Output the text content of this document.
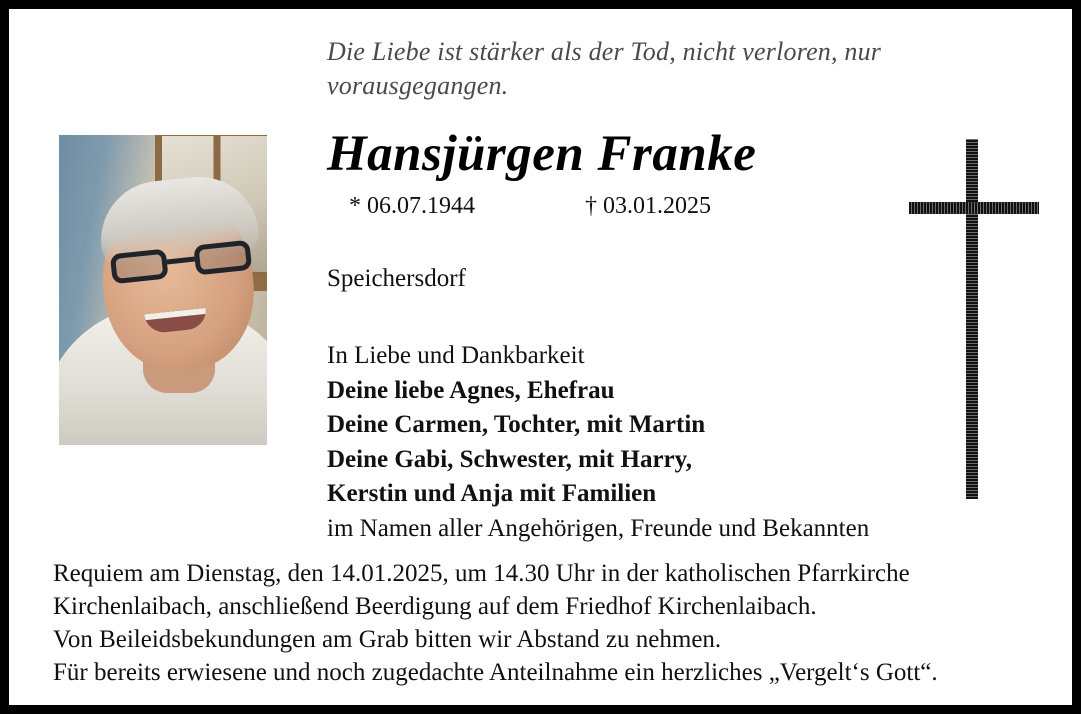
Die Liebe ist stärker als der Tod, nicht verloren, nur vorausgegangen.
Hansjürgen Franke
* 06.07.1944	† 03.01.2025
Speichersdorf
In Liebe und Dankbarkeit
Deine liebe Agnes, Ehefrau
Deine Carmen, Tochter, mit Martin
Deine Gabi, Schwester, mit Harry,
Kerstin und Anja mit Familien
im Namen aller Angehörigen, Freunde und Bekannten

Requiem am Dienstag, den 14.01.2025, um 14.30 Uhr in der katholischen Pfarrkirche

Kirchenlaibach, anschließend Beerdigung auf dem Friedhof Kirchenlaibach.

Von Beileidsbekundungen am Grab bitten wir Abstand zu nehmen.

Für bereits erwiesene und noch zugedachte Anteilnahme ein herzliches „Vergelt‘s Gott“.
